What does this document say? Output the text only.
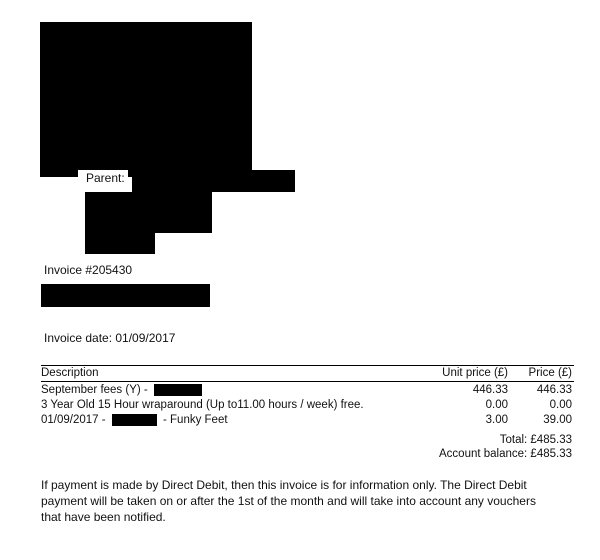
Parent:
Invoice #205430
Invoice date: 01/09/2017
Description	Unit price (£)	Price (£)
September fees (Y) -	446.33	446.33
3 Year Old 15 Hour wraparound (Up to11.00 hours / week) free.	0.00	0.00
01/09/2017 - - Funky Feet	3.00	39.00
Total: £485.33
Account balance: £485.33
If payment is made by Direct Debit, then this invoice is for information only. The Direct Debit payment will be taken on or after the 1st of the month and will take into account any vouchers that have been notified.
